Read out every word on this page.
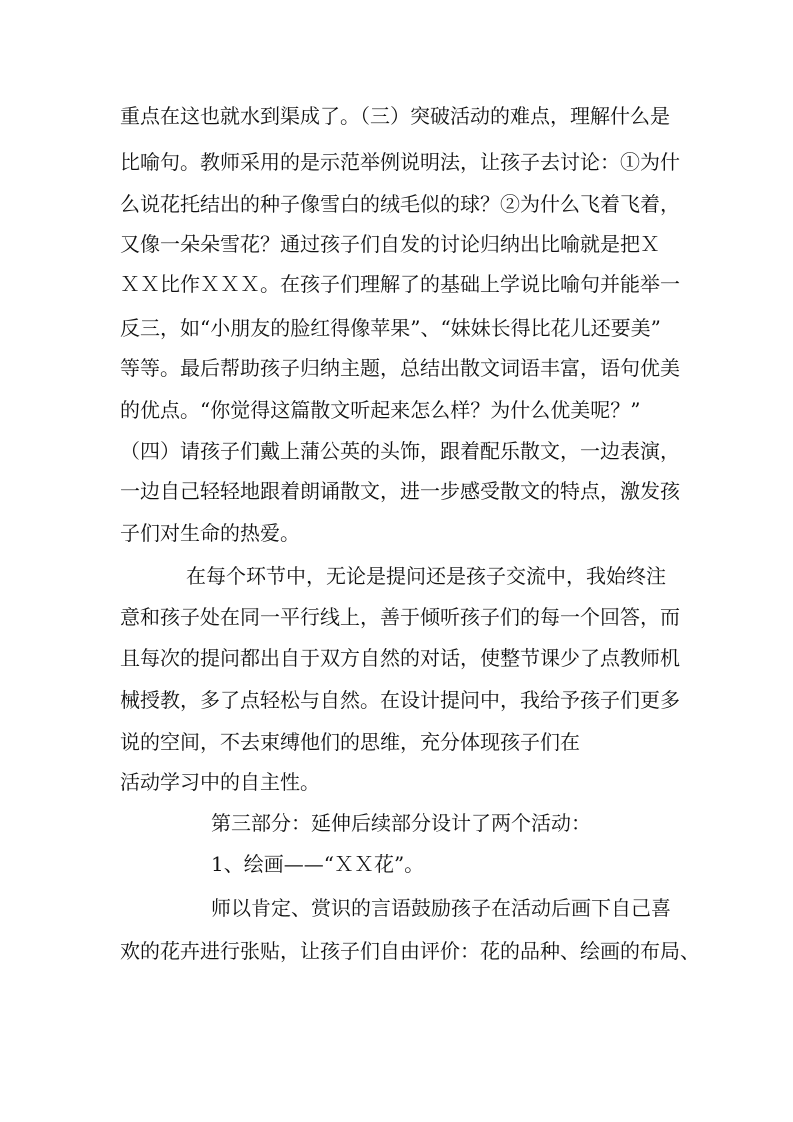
重点在这也就水到渠成了。（三）突破活动的难点，理解什么是
比喻句。教师采用的是示范举例说明法，让孩子去讨论：①为什
么说花托结出的种子像雪白的绒毛似的球？②为什么飞着飞着，
又像一朵朵雪花？通过孩子们自发的讨论归纳出比喻就是把Ｘ
ＸＸ比作ＸＸＸ。在孩子们理解了的基础上学说比喻句并能举一
反三，如“小朋友的脸红得像苹果”、“妹妹长得比花儿还要美”
等等。最后帮助孩子归纳主题，总结出散文词语丰富，语句优美
的优点。“你觉得这篇散文听起来怎么样？为什么优美呢？”
（四）请孩子们戴上蒲公英的头饰，跟着配乐散文，一边表演，
一边自己轻轻地跟着朗诵散文，进一步感受散文的特点，激发孩
子们对生命的热爱。
在每个环节中，无论是提问还是孩子交流中，我始终注
意和孩子处在同一平行线上，善于倾听孩子们的每一个回答，而
且每次的提问都出自于双方自然的对话，使整节课少了点教师机
械授教，多了点轻松与自然。在设计提问中，我给予孩子们更多
说的空间，不去束缚他们的思维，充分体现孩子们在
活动学习中的自主性。
第三部分：延伸后续部分设计了两个活动：
1、绘画——“ＸＸ花”。
师以肯定、赏识的言语鼓励孩子在活动后画下自己喜
欢的花卉进行张贴，让孩子们自由评价：花的品种、绘画的布局、
